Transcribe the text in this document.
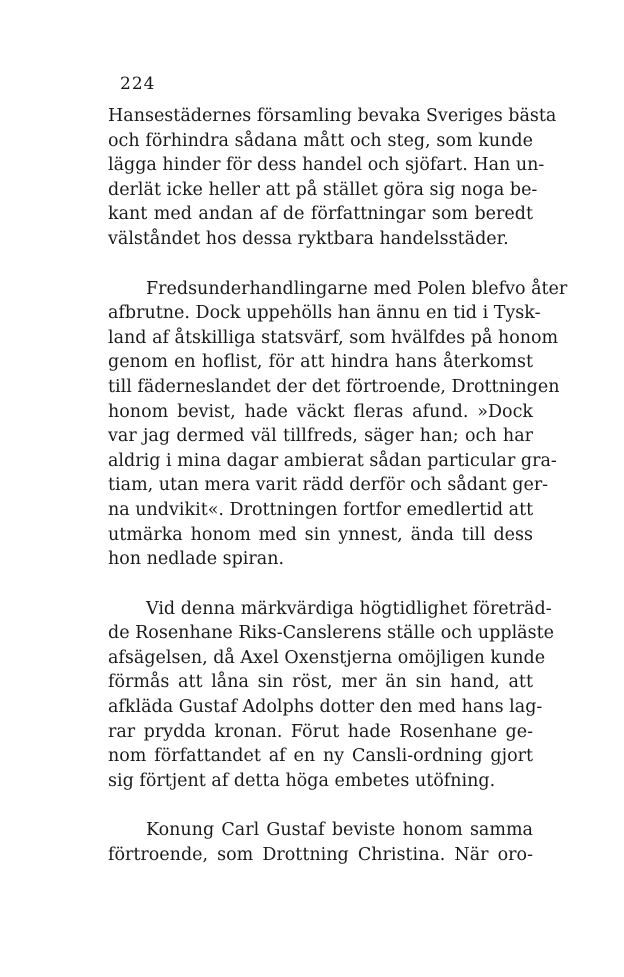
224
Hansestädernes församling bevaka Sveriges bästa
och förhindra sådana mått och steg, som kunde
lägga hinder för dess handel och sjöfart. Han un-
derlät icke heller att på stället göra sig noga be-
kant med andan af de författningar som beredt
välståndet hos dessa ryktbara handelsstäder.
Fredsunderhandlingarne med Polen blefvo åter
afbrutne. Dock uppehölls han ännu en tid i Tysk-
land af åtskilliga statsvärf, som hvälfdes på honom
genom en hoflist, för att hindra hans återkomst
till fäderneslandet der det förtroende, Drottningen
honom bevist, hade väckt fleras afund. »Dock
var jag dermed väl tillfreds, säger han; och har
aldrig i mina dagar ambierat sådan particular gra-
tiam, utan mera varit rädd derför och sådant ger-
na undvikit«. Drottningen fortfor emedlertid att
utmärka honom med sin ynnest, ända till dess
hon nedlade spiran.
Vid denna märkvärdiga högtidlighet företräd-
de Rosenhane Riks-Canslerens ställe och uppläste
afsägelsen, då Axel Oxenstjerna omöjligen kunde
förmås att låna sin röst, mer än sin hand, att
afkläda Gustaf Adolphs dotter den med hans lag-
rar prydda kronan. Förut hade Rosenhane ge-
nom författandet af en ny Cansli-ordning gjort
sig förtjent af detta höga embetes utöfning.
Konung Carl Gustaf beviste honom samma
förtroende, som Drottning Christina. När oro-
